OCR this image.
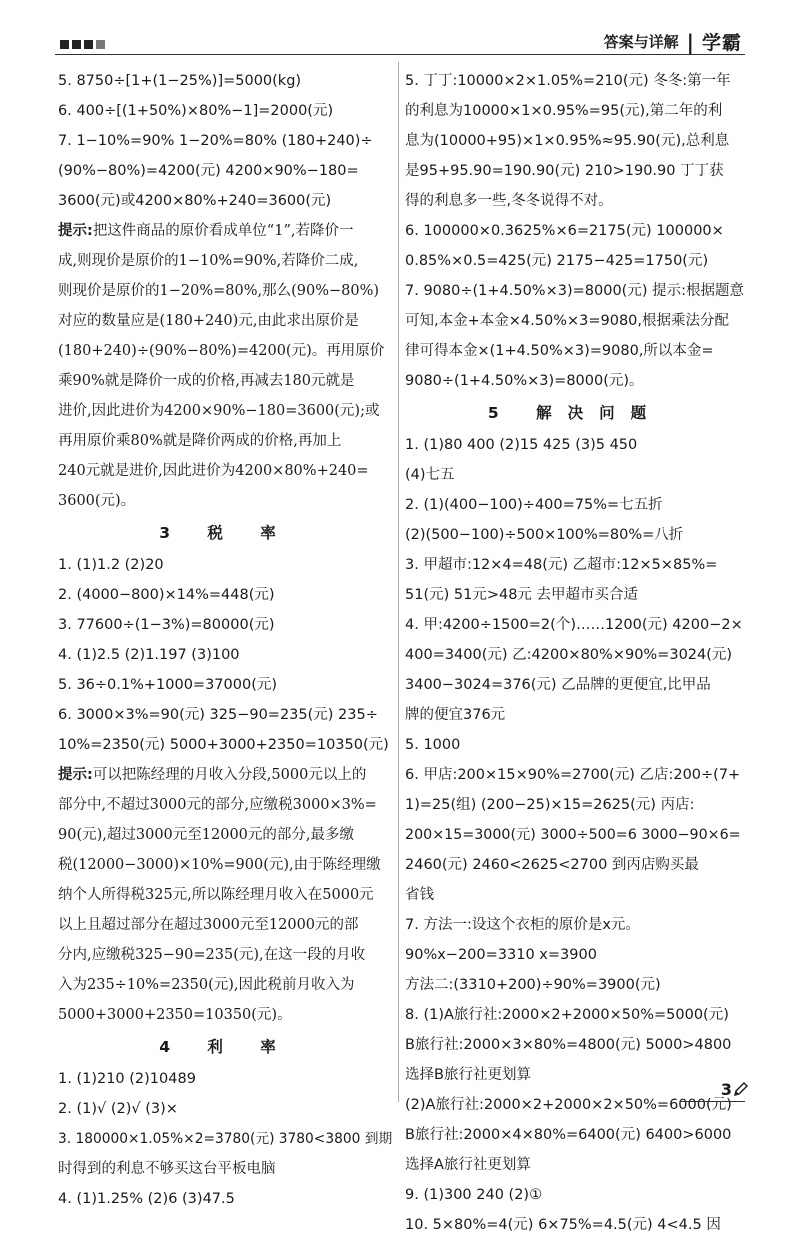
答案与详解 | 学霸
5. 8750÷[1+(1−25%)]=5000(kg)
6. 400÷[(1+50%)×80%−1]=2000(元)
7. 1−10%=90% 1−20%=80% (180+240)÷
(90%−80%)=4200(元) 4200×90%−180=
3600(元)或4200×80%+240=3600(元)
提示:把这件商品的原价看成单位“1”,若降价一
成,则现价是原价的1−10%=90%,若降价二成,
则现价是原价的1−20%=80%,那么(90%−80%)
对应的数量应是(180+240)元,由此求出原价是
(180+240)÷(90%−80%)=4200(元)。再用原价
乘90%就是降价一成的价格,再减去180元就是
进价,因此进价为4200×90%−180=3600(元);或
再用原价乘80%就是降价两成的价格,再加上
240元就是进价,因此进价为4200×80%+240=
3600(元)。
3 税 率
1. (1)1.2 (2)20
2. (4000−800)×14%=448(元)
3. 77600÷(1−3%)=80000(元)
4. (1)2.5 (2)1.197 (3)100
5. 36÷0.1%+1000=37000(元)
6. 3000×3%=90(元) 325−90=235(元) 235÷
10%=2350(元) 5000+3000+2350=10350(元)
提示:可以把陈经理的月收入分段,5000元以上的
部分中,不超过3000元的部分,应缴税3000×3%=
90(元),超过3000元至12000元的部分,最多缴
税(12000−3000)×10%=900(元),由于陈经理缴
纳个人所得税325元,所以陈经理月收入在5000元
以上且超过部分在超过3000元至12000元的部
分内,应缴税325−90=235(元),在这一段的月收
入为235÷10%=2350(元),因此税前月收入为
5000+3000+2350=10350(元)。
4 利 率
1. (1)210 (2)10489
2. (1)√ (2)√ (3)×
3. 180000×1.05%×2=3780(元) 3780<3800 到期
时得到的利息不够买这台平板电脑
4. (1)1.25% (2)6 (3)47.5
5. 丁丁:10000×2×1.05%=210(元) 冬冬:第一年
的利息为10000×1×0.95%=95(元),第二年的利
息为(10000+95)×1×0.95%≈95.90(元),总利息
是95+95.90=190.90(元) 210>190.90 丁丁获
得的利息多一些,冬冬说得不对。
6. 100000×0.3625%×6=2175(元) 100000×
0.85%×0.5=425(元) 2175−425=1750(元)
7. 9080÷(1+4.50%×3)=8000(元) 提示:根据题意
可知,本金+本金×4.50%×3=9080,根据乘法分配
律可得本金×(1+4.50%×3)=9080,所以本金=
9080÷(1+4.50%×3)=8000(元)。
5 解决问题
1. (1)80 400 (2)15 425 (3)5 450
(4)七五
2. (1)(400−100)÷400=75%=七五折
(2)(500−100)÷500×100%=80%=八折
3. 甲超市:12×4=48(元) 乙超市:12×5×85%=
51(元) 51元>48元 去甲超市买合适
4. 甲:4200÷1500=2(个)……1200(元) 4200−2×
400=3400(元) 乙:4200×80%×90%=3024(元)
3400−3024=376(元) 乙品牌的更便宜,比甲品
牌的便宜376元
5. 1000
6. 甲店:200×15×90%=2700(元) 乙店:200÷(7+
1)=25(组) (200−25)×15=2625(元) 丙店:
200×15=3000(元) 3000÷500=6 3000−90×6=
2460(元) 2460<2625<2700 到丙店购买最
省钱
7. 方法一:设这个衣柜的原价是x元。
90%x−200=3310 x=3900
方法二:(3310+200)÷90%=3900(元)
8. (1)A旅行社:2000×2+2000×50%=5000(元)
B旅行社:2000×3×80%=4800(元) 5000>4800
选择B旅行社更划算
(2)A旅行社:2000×2+2000×2×50%=6000(元)
B旅行社:2000×4×80%=6400(元) 6400>6000
选择A旅行社更划算
9. (1)300 240 (2)①
10. 5×80%=4(元) 6×75%=4.5(元) 4<4.5 因
3
